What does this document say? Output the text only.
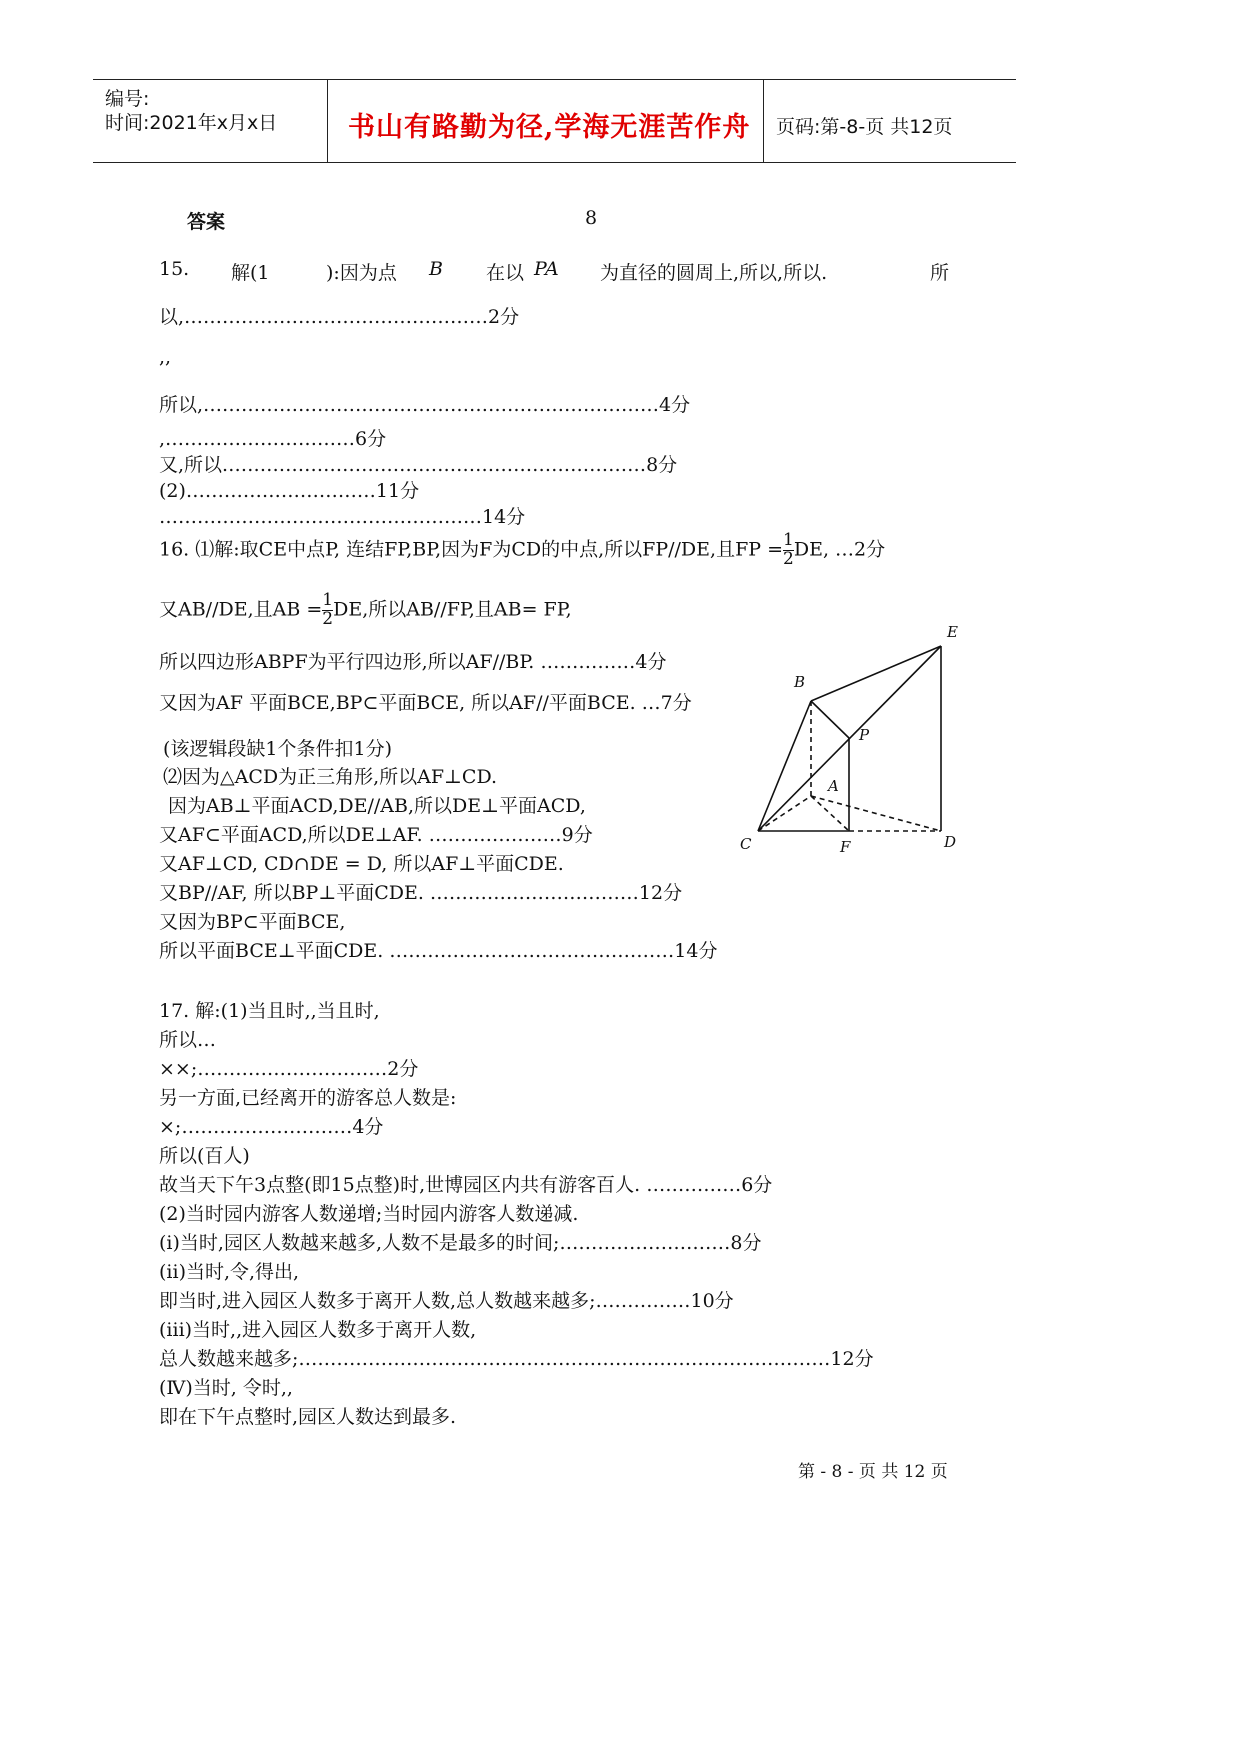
编号:
时间:2021年x月x日	书山有路勤为径,学海无涯苦作舟 页码:第-8-页 共12页
答案	8
15. 解(1	):因为点 B 在以 PA 为直径的圆周上,所以,所以.	所
以,…………………………………………2分
,,
所以,………………………………………………………………4分
,…………………………6分
又,所以.…………………………………………………………8分
(2)…………………………11分
……………………………………………14分
16. ⑴解:取CE中点P, 连结FP,BP,因为F为CD的中点,所以FP//DE,且FP = $\frac{1}{2}$ DE, …2分
又AB//DE,且AB = $\frac{1}{2}$ DE,所以AB//FP,且AB= FP,
所以四边形ABPF为平行四边形,所以AF//BP. ……………4分
又因为AF 平面BCE,BP⊂平面BCE, 所以AF//平面BCE. …7分
(该逻辑段缺1个条件扣1分)
⑵因为△ACD为正三角形,所以AF⊥CD.
因为AB⊥平面ACD,DE//AB,所以DE⊥平面ACD,
又AF⊂平面ACD,所以DE⊥AF. …………………9分
又AF⊥CD, CD∩DE = D, 所以AF⊥平面CDE.
又BP//AF, 所以BP⊥平面CDE. ……………………………12分
又因为BP⊂平面BCE,
所以平面BCE⊥平面CDE. ………………………………………14分
B
E
P
A
C	F	D
17. 解:(1)当且时,,当且时,
所以…
××;…………………………2分
另一方面,已经离开的游客总人数是:
×;………………………4分
所以(百人)
故当天下午3点整(即15点整)时,世博园区内共有游客百人. ……………6分
(2)当时园内游客人数递增;当时园内游客人数递减.
(i)当时,园区人数越来越多,人数不是最多的时间;………………………8分
(ii)当时,令,得出,
即当时,进入园区人数多于离开人数,总人数越来越多;……………10分
(iii)当时,,进入园区人数多于离开人数,
总人数越来越多;…………………………………………………………………………12分
(Ⅳ)当时, 令时,,
即在下午点整时,园区人数达到最多.
第 - 8 - 页 共 12 页
